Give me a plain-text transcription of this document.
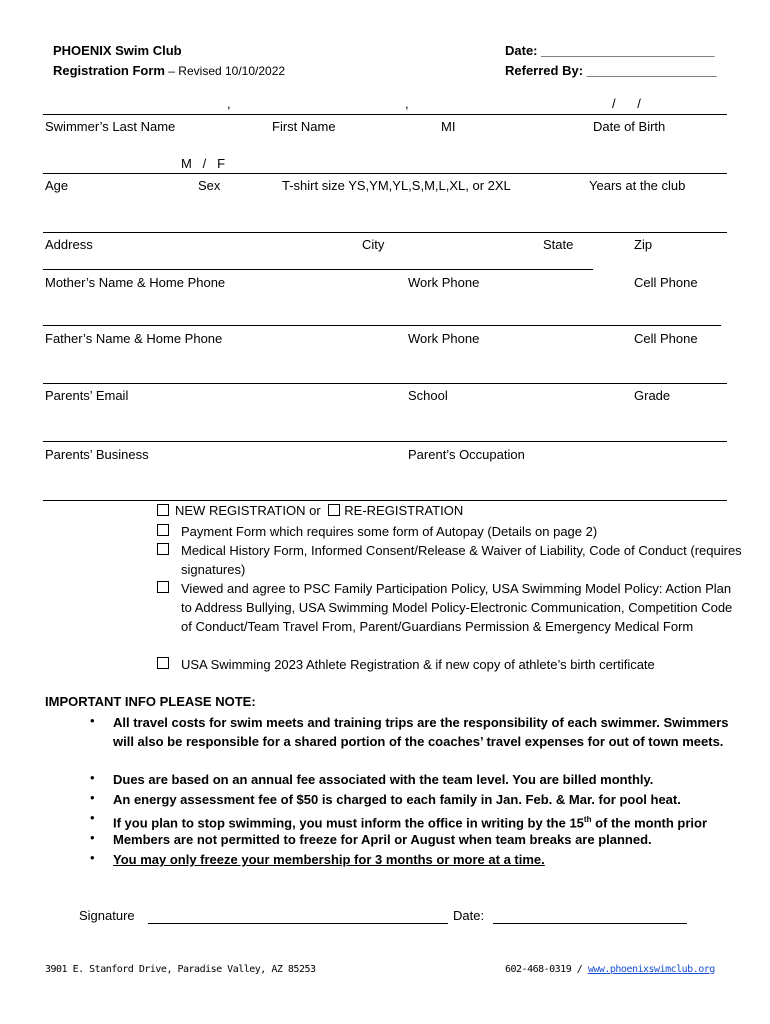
PHOENIX Swim Club
Registration Form – Revised 10/10/2022
Date: ________________________
Referred By: __________________
,	,	/      /
Swimmer’s Last Name	First Name	MI	Date of Birth
M   /   F
Age	Sex	T-shirt size YS,YM,YL,S,M,L,XL, or 2XL	Years at the club
Address	City	State	Zip
Mother’s Name & Home Phone	Work Phone	Cell Phone
Father’s Name & Home Phone	Work Phone	Cell Phone
Parents’ Email	School	Grade
Parents’ Business	Parent’s Occupation
NEW REGISTRATION or RE-REGISTRATION
Payment Form which requires some form of Autopay (Details on page 2)
Medical History Form, Informed Consent/Release & Waiver of Liability, Code of Conduct (requires signatures)
Viewed and agree to PSC Family Participation Policy, USA Swimming Model Policy: Action Plan to Address Bullying, USA Swimming Model Policy-Electronic Communication, Competition Code of Conduct/Team Travel From, Parent/Guardians Permission & Emergency Medical Form
USA Swimming 2023 Athlete Registration & if new copy of athlete’s birth certificate
IMPORTANT INFO PLEASE NOTE:
• All travel costs for swim meets and training trips are the responsibility of each swimmer. Swimmers will also be responsible for a shared portion of the coaches’ travel expenses for out of town meets.
• Dues are based on an annual fee associated with the team level. You are billed monthly.
• An energy assessment fee of $50 is charged to each family in Jan. Feb. & Mar. for pool heat.
• If you plan to stop swimming, you must inform the office in writing by the 15th of the month prior
• Members are not permitted to freeze for April or August when team breaks are planned.
• You may only freeze your membership for 3 months or more at a time.
Signature	Date:
3901 E. Stanford Drive, Paradise Valley, AZ 85253	602-468-0319 / www.phoenixswimclub.org
